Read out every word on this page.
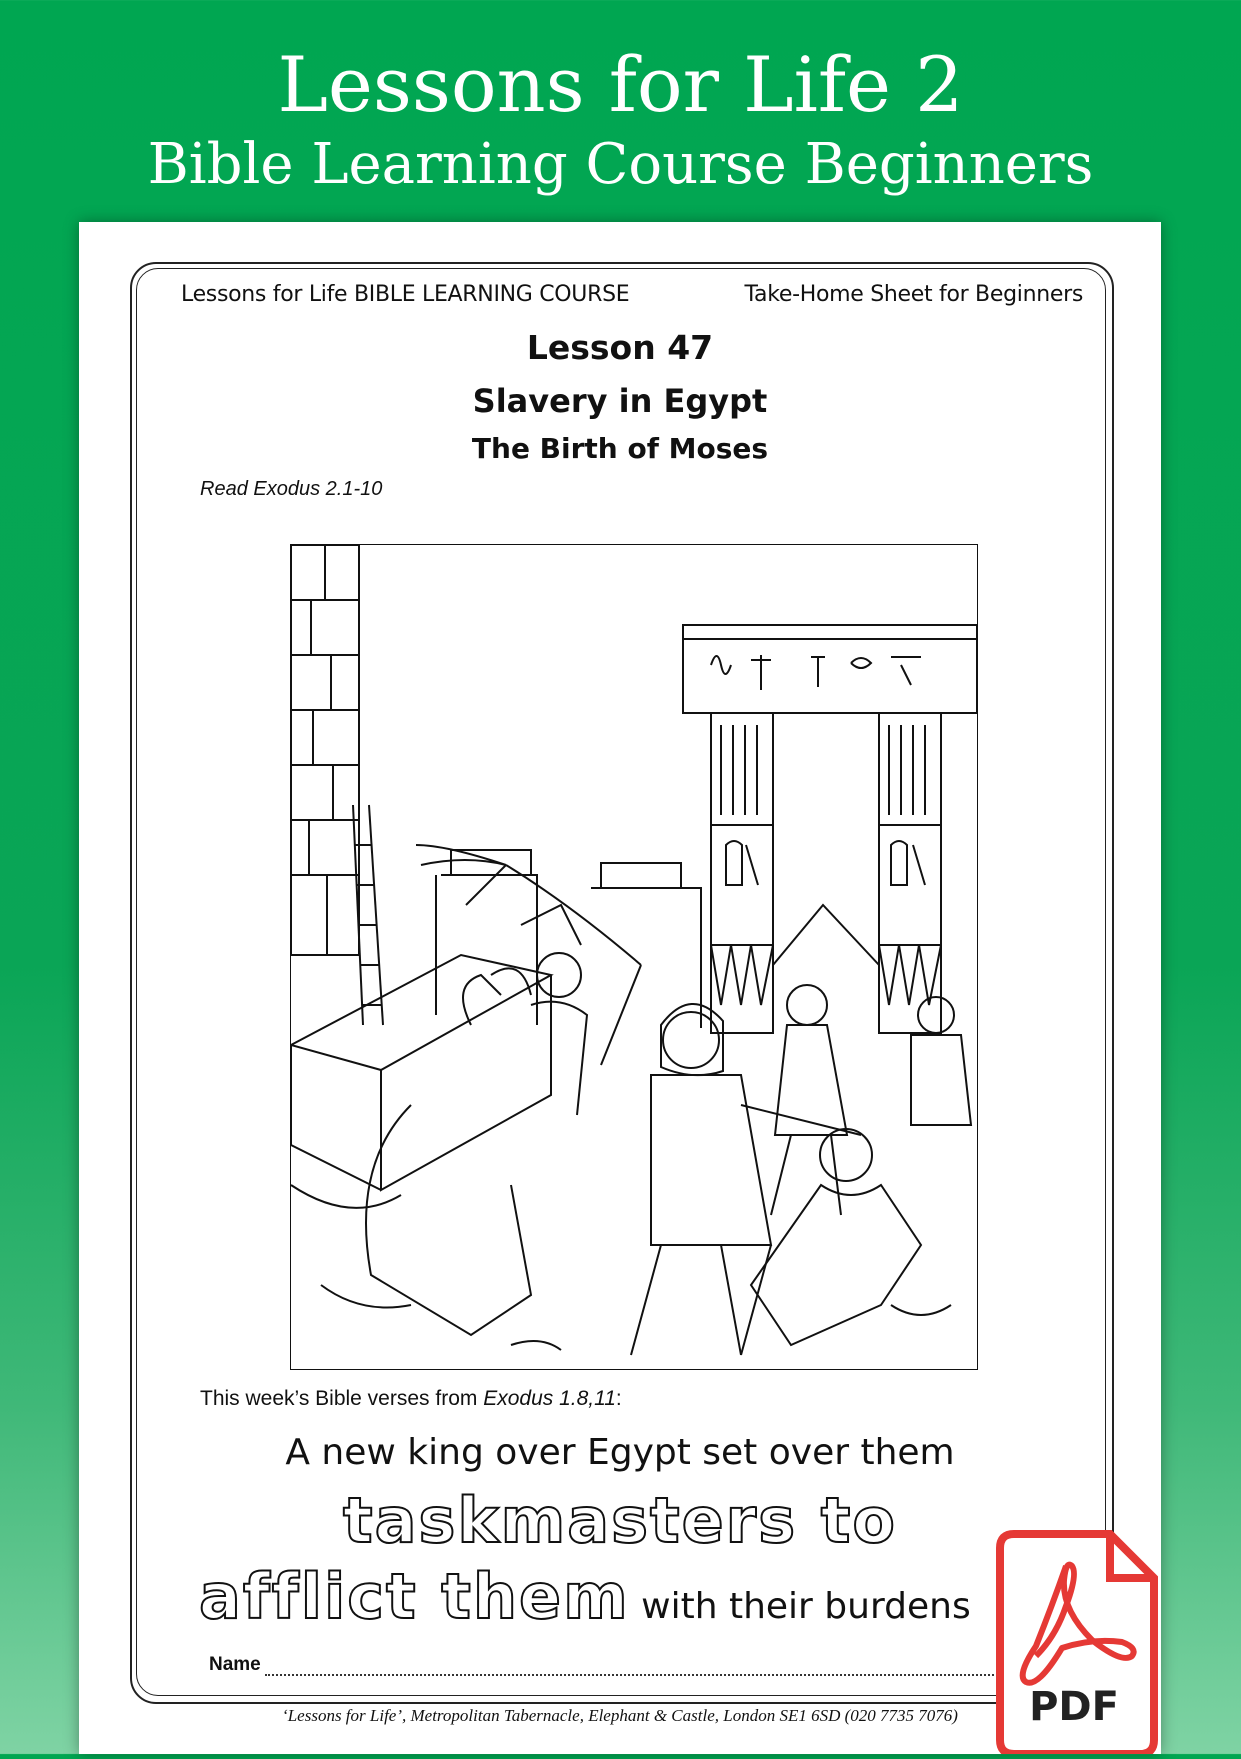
Lessons for Life 2
Bible Learning Course Beginners
Lessons for Life BIBLE LEARNING COURSE	Take-Home Sheet for Beginners
Lesson 47
Slavery in Egypt
The Birth of Moses
Read Exodus 2.1-10
This week’s Bible verses from Exodus 1.8,11:
A new king over Egypt set over them
taskmasters to
afflict them with their burdens
Name
‘Lessons for Life’, Metropolitan Tabernacle, Elephant & Castle, London SE1 6SD (020 7735 7076)	PDF
